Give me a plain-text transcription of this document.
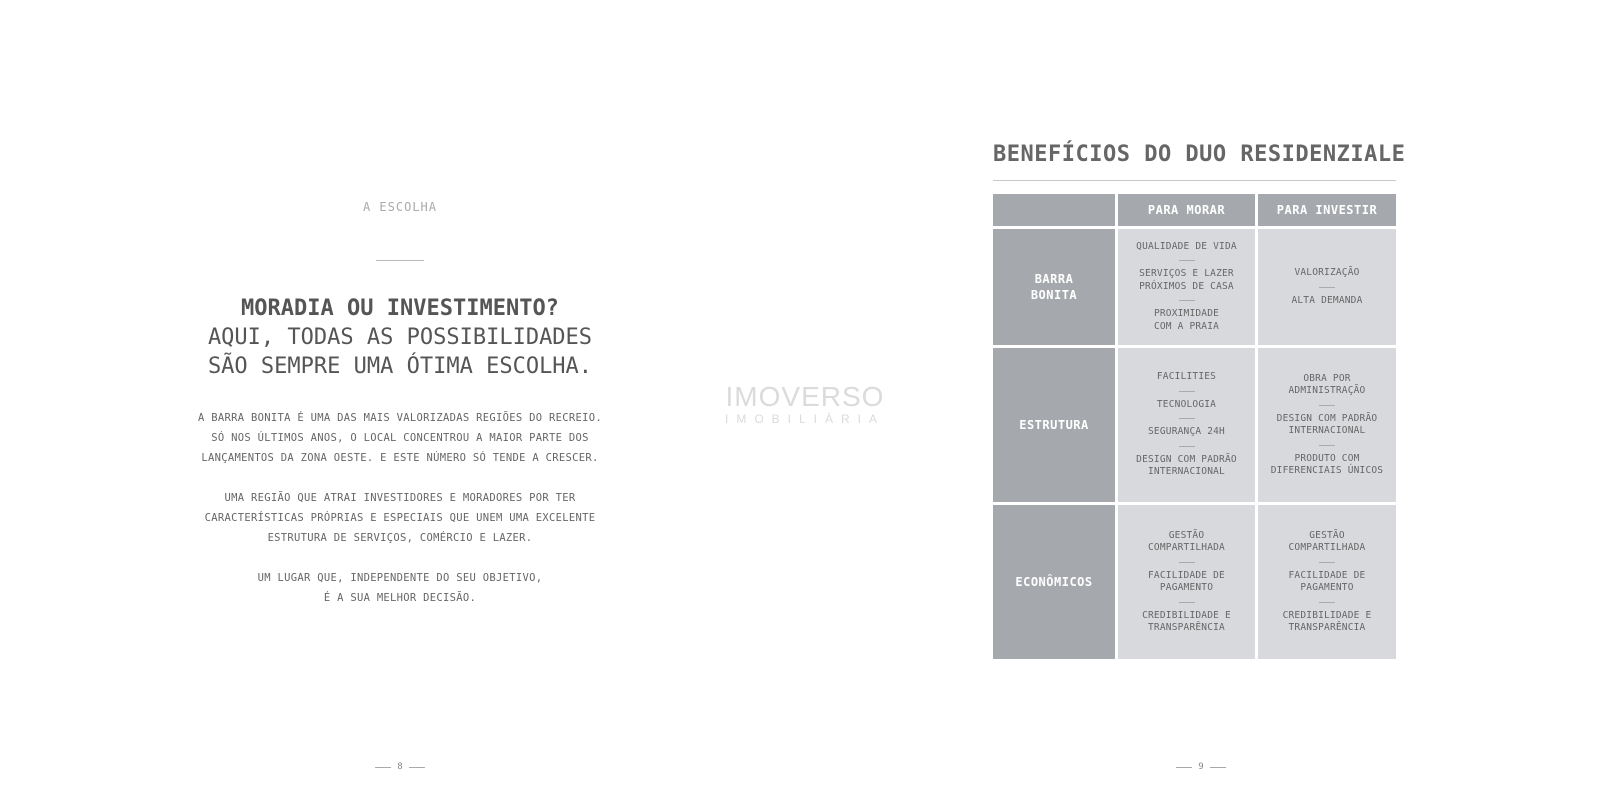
A ESCOLHA
MORADIA OU INVESTIMENTO?
AQUI, TODAS AS POSSIBILIDADES
SÃO SEMPRE UMA ÓTIMA ESCOLHA.

A BARRA BONITA É UMA DAS MAIS VALORIZADAS REGIÕES DO RECREIO.
SÓ NOS ÚLTIMOS ANOS, O LOCAL CONCENTROU A MAIOR PARTE DOS
LANÇAMENTOS DA ZONA OESTE. E ESTE NÚMERO SÓ TENDE A CRESCER.

UMA REGIÃO QUE ATRAI INVESTIDORES E MORADORES POR TER
CARACTERÍSTICAS PRÓPRIAS E ESPECIAIS QUE UNEM UMA EXCELENTE
ESTRUTURA DE SERVIÇOS, COMÉRCIO E LAZER.

UM LUGAR QUE, INDEPENDENTE DO SEU OBJETIVO,
É A SUA MELHOR DECISÃO.

8
IMOVERSO
IMOBILIÁRIA
BENEFÍCIOS DO DUO RESIDENZIALE
PARA MORAR	PARA INVESTIR
BARRA
BONITA
QUALIDADE DE VIDA
SERVIÇOS E LAZER
PRÓXIMOS DE CASA
PROXIMIDADE
COM A PRAIA
VALORIZAÇÃO
ALTA DEMANDA
ESTRUTURA
FACILITIES
TECNOLOGIA
SEGURANÇA 24H
DESIGN COM PADRÃO
INTERNACIONAL
OBRA POR
ADMINISTRAÇÃO
DESIGN COM PADRÃO
INTERNACIONAL
PRODUTO COM
DIFERENCIAIS ÚNICOS
ECONÔMICOS
GESTÃO
COMPARTILHADA
FACILIDADE DE
PAGAMENTO
CREDIBILIDADE E
TRANSPARÊNCIA
GESTÃO
COMPARTILHADA
FACILIDADE DE
PAGAMENTO
CREDIBILIDADE E
TRANSPARÊNCIA
9
